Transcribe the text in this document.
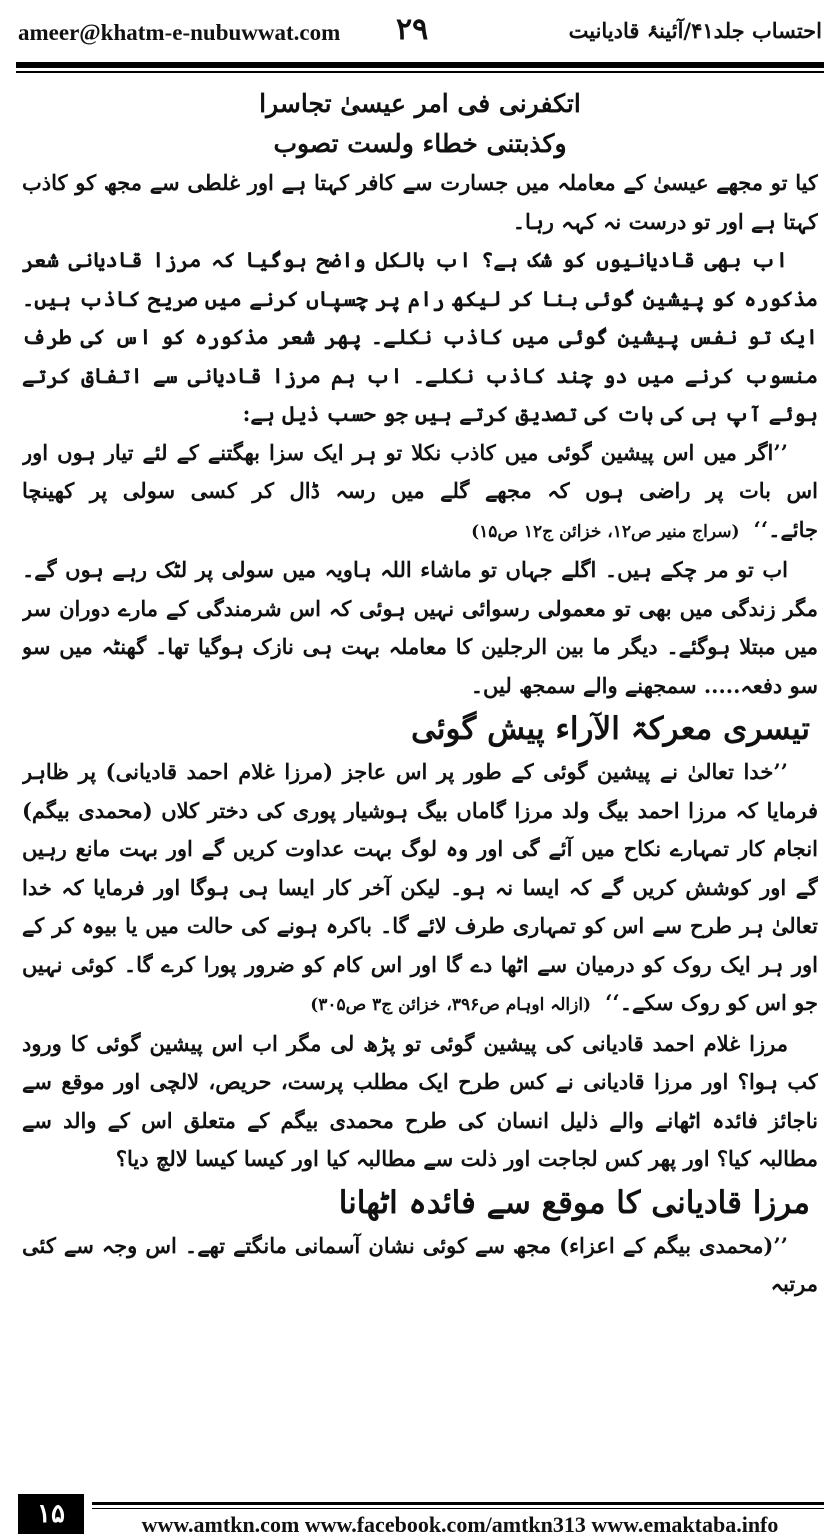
ameer@khatm-e-nubuwwat.com ۲۹	احتساب جلد۴۱/آئینۂ قادیانیت
اتکفرنی فی امر عیسیٰ تجاسرا
وکذبتنی خطاء ولست تصوب

کیا تو مجھے عیسیٰ کے معاملہ میں جسارت سے کافر کہتا ہے اور غلطی سے مجھ کو کاذب کہتا ہے اور تو درست نہ کہہ رہا۔

اب بھی قادیانیوں کو شک ہے؟ اب بالکل واضح ہوگیا کہ مرزا قادیانی شعر مذکورہ کو پیشین گوئی بنا کر لیکھ رام پر چسپاں کرنے میں صریح کاذب ہیں۔ ایک تو نفس پیشین گوئی میں کاذب نکلے۔ پھر شعر مذکورہ کو اس کی طرف منسوب کرنے میں دو چند کاذب نکلے۔ اب ہم مرزا قادیانی سے اتفاق کرتے ہوئے آپ ہی کی بات کی تصدیق کرتے ہیں جو حسب ذیل ہے:

’’اگر میں اس پیشین گوئی میں کاذب نکلا تو ہر ایک سزا بھگتنے کے لئے تیار ہوں اور اس بات پر راضی ہوں کہ مجھے گلے میں رسہ ڈال کر کسی سولی پر کھینچا جائے۔‘‘(سراج منیر ص۱۲، خزائن ج۱۲ ص۱۵)

اب تو مر چکے ہیں۔ اگلے جہاں تو ماشاء اللہ ہاویہ میں سولی پر لٹک رہے ہوں گے۔ مگر زندگی میں بھی تو معمولی رسوائی نہیں ہوئی کہ اس شرمندگی کے مارے دوران سر میں مبتلا ہوگئے۔ دیگر ما بین الرجلین کا معاملہ بہت ہی نازک ہوگیا تھا۔ گھنٹہ میں سو سو دفعہ..... سمجھنے والے سمجھ لیں۔

تیسری معرکۃ الآراء پیش گوئی

’’خدا تعالیٰ نے پیشین گوئی کے طور پر اس عاجز (مرزا غلام احمد قادیانی) پر ظاہر فرمایا کہ مرزا احمد بیگ ولد مرزا گاماں بیگ ہوشیار پوری کی دختر کلاں (محمدی بیگم) انجام کار تمہارے نکاح میں آئے گی اور وہ لوگ بہت عداوت کریں گے اور بہت مانع رہیں گے اور کوشش کریں گے کہ ایسا نہ ہو۔ لیکن آخر کار ایسا ہی ہوگا اور فرمایا کہ خدا تعالیٰ ہر طرح سے اس کو تمہاری طرف لائے گا۔ باکرہ ہونے کی حالت میں یا بیوہ کر کے اور ہر ایک روک کو درمیان سے اٹھا دے گا اور اس کام کو ضرور پورا کرے گا۔ کوئی نہیں جو اس کو روک سکے۔‘‘(ازالہ اوہام ص۳۹۶، خزائن ج۳ ص۳۰۵)

مرزا غلام احمد قادیانی کی پیشین گوئی تو پڑھ لی مگر اب اس پیشین گوئی کا ورود کب ہوا؟ اور مرزا قادیانی نے کس طرح ایک مطلب پرست، حریص، لالچی اور موقع سے ناجائز فائدہ اٹھانے والے ذلیل انسان کی طرح محمدی بیگم کے متعلق اس کے والد سے مطالبہ کیا؟ اور پھر کس لجاجت اور ذلت سے مطالبہ کیا اور کیسا کیسا لالچ دیا؟

مرزا قادیانی کا موقع سے فائدہ اٹھانا

’’(محمدی بیگم کے اعزاء) مجھ سے کوئی نشان آسمانی مانگتے تھے۔ اس وجہ سے کئی مرتبہ

۱۵	www.amtkn.com www.facebook.com/amtkn313 www.emaktaba.info
